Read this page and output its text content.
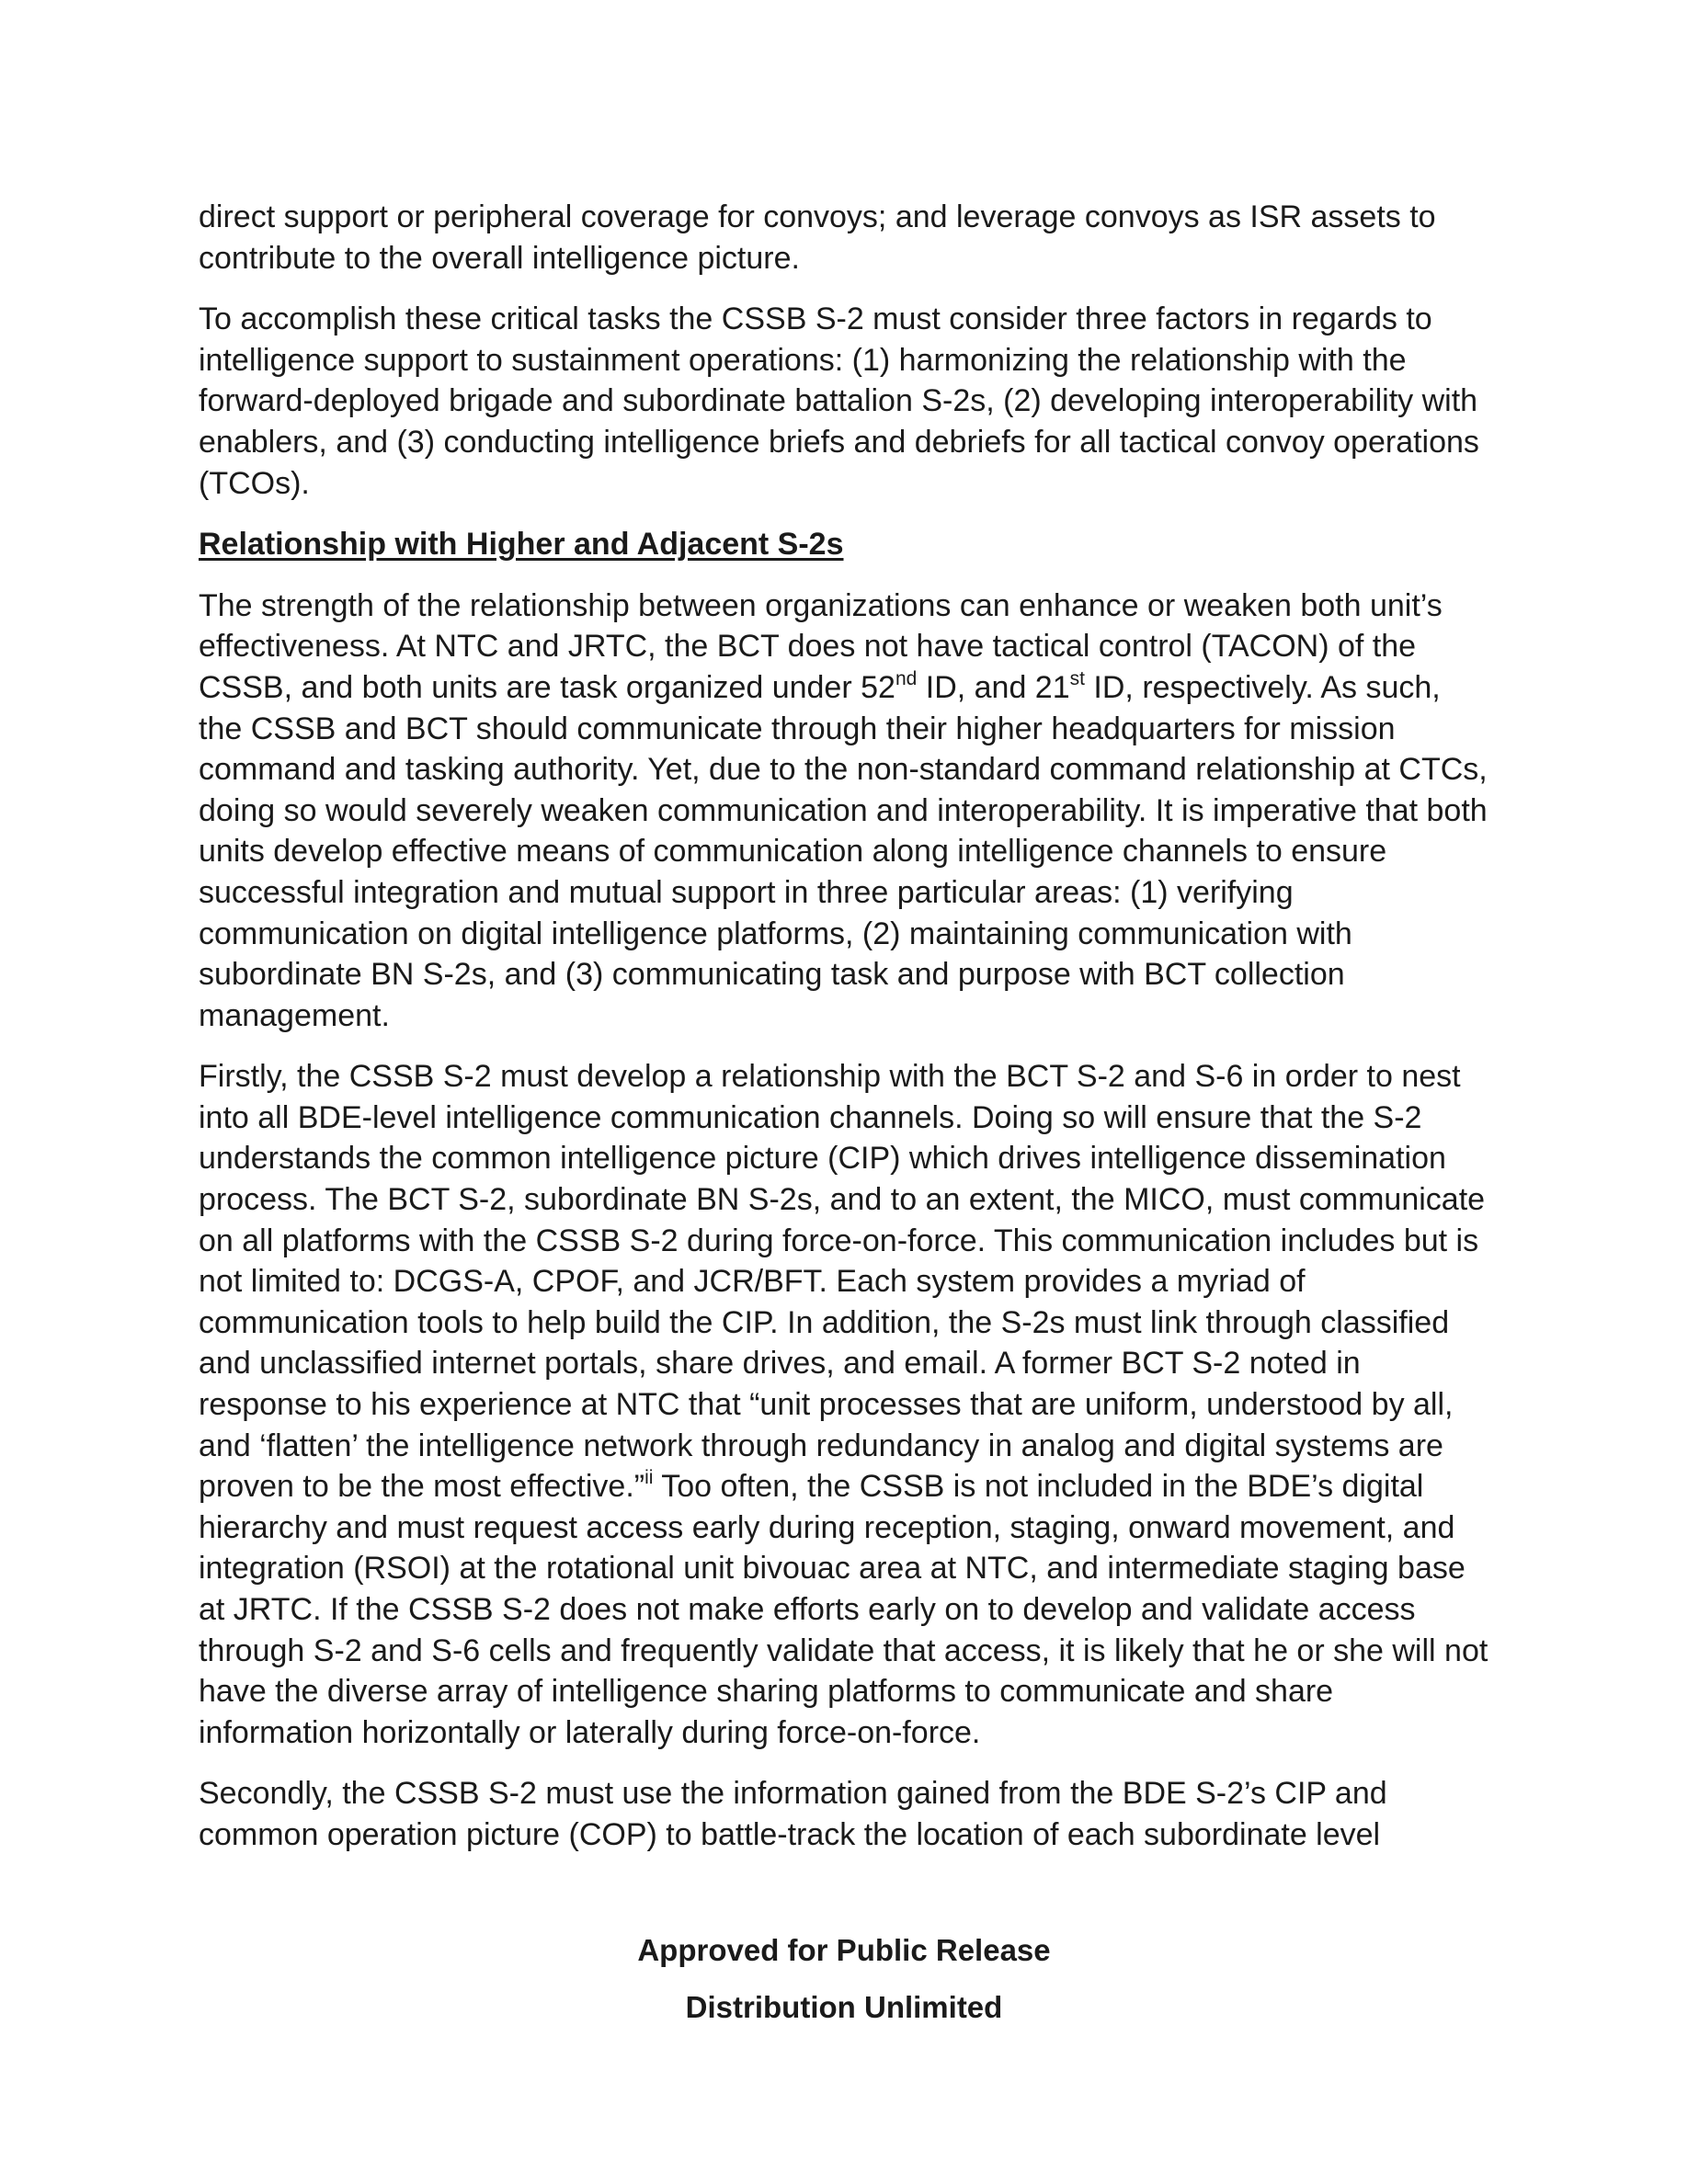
direct support or peripheral coverage for convoys; and leverage convoys as ISR assets to contribute to the overall intelligence picture.

To accomplish these critical tasks the CSSB S-2 must consider three factors in regards to intelligence support to sustainment operations: (1) harmonizing the relationship with the forward-deployed brigade and subordinate battalion S-2s, (2) developing interoperability with enablers, and (3) conducting intelligence briefs and debriefs for all tactical convoy operations (TCOs).

Relationship with Higher and Adjacent S-2s

The strength of the relationship between organizations can enhance or weaken both unit’s effectiveness. At NTC and JRTC, the BCT does not have tactical control (TACON) of the CSSB, and both units are task organized under 52nd ID, and 21st ID, respectively. As such, the CSSB and BCT should communicate through their higher headquarters for mission command and tasking authority. Yet, due to the non-standard command relationship at CTCs, doing so would severely weaken communication and interoperability. It is imperative that both units develop effective means of communication along intelligence channels to ensure successful integration and mutual support in three particular areas: (1) verifying communication on digital intelligence platforms, (2) maintaining communication with subordinate BN S-2s, and (3) communicating task and purpose with BCT collection management.

Firstly, the CSSB S-2 must develop a relationship with the BCT S-2 and S-6 in order to nest into all BDE-level intelligence communication channels. Doing so will ensure that the S-2 understands the common intelligence picture (CIP) which drives intelligence dissemination process. The BCT S-2, subordinate BN S-2s, and to an extent, the MICO, must communicate on all platforms with the CSSB S-2 during force-on-force. This communication includes but is not limited to: DCGS-A, CPOF, and JCR/BFT. Each system provides a myriad of communication tools to help build the CIP. In addition, the S-2s must link through classified and unclassified internet portals, share drives, and email. A former BCT S-2 noted in response to his experience at NTC that “unit processes that are uniform, understood by all, and ‘flatten’ the intelligence network through redundancy in analog and digital systems are proven to be the most effective.”$^{ii}$ Too often, the CSSB is not included in the BDE’s digital hierarchy and must request access early during reception, staging, onward movement, and integration (RSOI) at the rotational unit bivouac area at NTC, and intermediate staging base at JRTC. If the CSSB S-2 does not make efforts early on to develop and validate access through S-2 and S-6 cells and frequently validate that access, it is likely that he or she will not have the diverse array of intelligence sharing platforms to communicate and share information horizontally or laterally during force-on-force.

Secondly, the CSSB S-2 must use the information gained from the BDE S-2’s CIP and common operation picture (COP) to battle-track the location of each subordinate level

Approved for Public Release
Distribution Unlimited
